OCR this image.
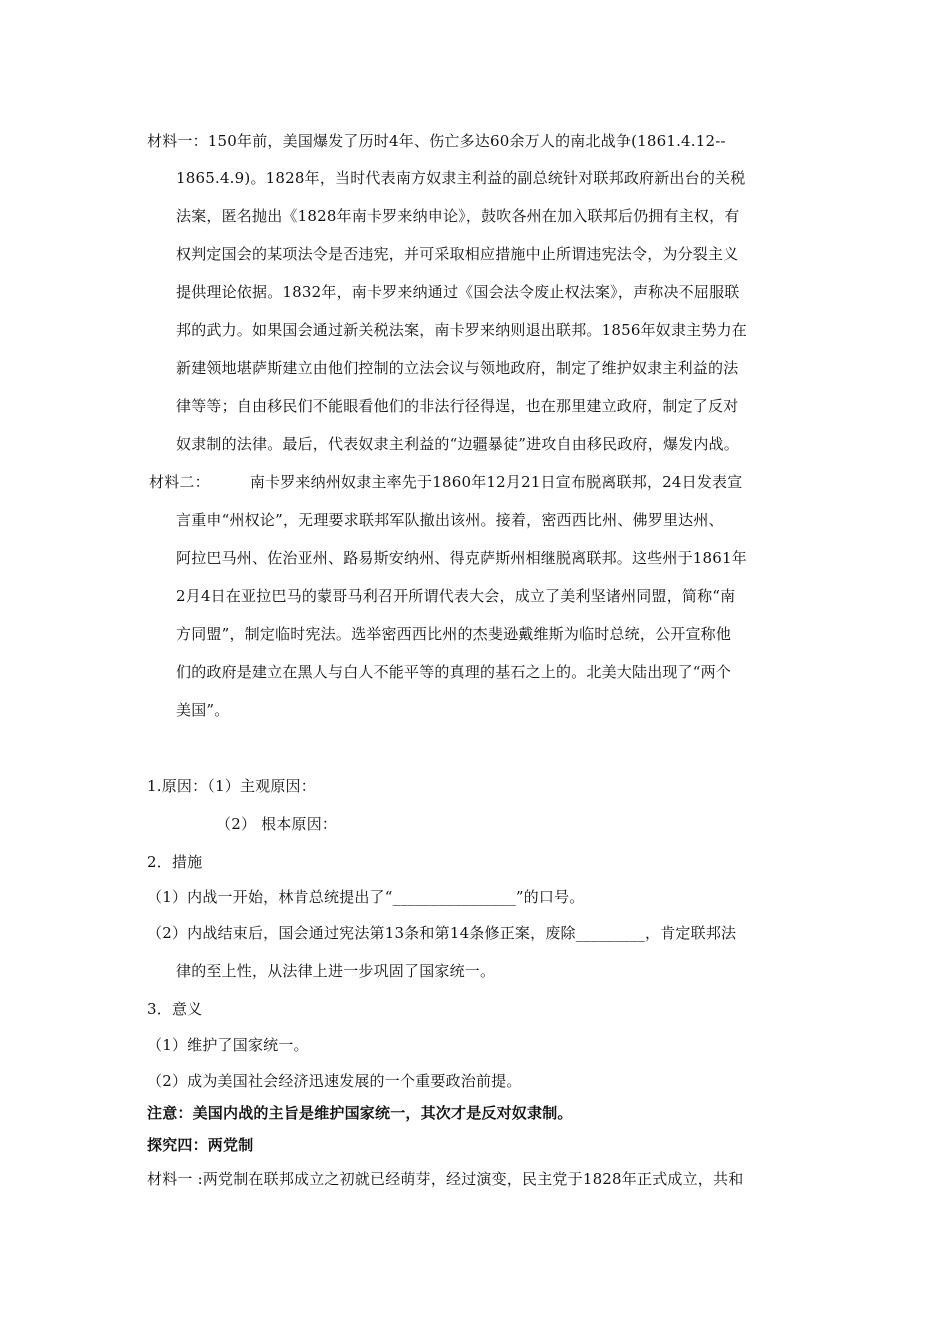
材料一：150年前，美国爆发了历时4年、伤亡多达60余万人的南北战争(1861.4.12--
1865.4.9)。1828年，当时代表南方奴隶主利益的副总统针对联邦政府新出台的关税
法案，匿名抛出《1828年南卡罗来纳申论》，鼓吹各州在加入联邦后仍拥有主权，有
权判定国会的某项法令是否违宪，并可采取相应措施中止所谓违宪法令，为分裂主义
提供理论依据。1832年，南卡罗来纳通过《国会法令废止权法案》，声称决不屈服联
邦的武力。如果国会通过新关税法案，南卡罗来纳则退出联邦。1856年奴隶主势力在
新建领地堪萨斯建立由他们控制的立法会议与领地政府，制定了维护奴隶主利益的法
律等等；自由移民们不能眼看他们的非法行径得逞，也在那里建立政府，制定了反对
奴隶制的法律。最后，代表奴隶主利益的“边疆暴徒”进攻自由移民政府，爆发内战。
材料二：	南卡罗来纳州奴隶主率先于1860年12月21日宣布脱离联邦，24日发表宣
言重申“州权论”，无理要求联邦军队撤出该州。接着，密西西比州、佛罗里达州、
阿拉巴马州、佐治亚州、路易斯安纳州、得克萨斯州相继脱离联邦。这些州于1861年
2月4日在亚拉巴马的蒙哥马利召开所谓代表大会，成立了美利坚诸州同盟，简称“南
方同盟”，制定临时宪法。选举密西西比州的杰斐逊戴维斯为临时总统，公开宣称他
们的政府是建立在黑人与白人不能平等的真理的基石之上的。北美大陆出现了“两个
美国”。
1.原因：（1）主观原因：
（2） 根本原因：
2．措施
（1）内战一开始，林肯总统提出了“________________”的口号。
（2）内战结束后，国会通过宪法第13条和第14条修正案，废除_________，肯定联邦法
律的至上性，从法律上进一步巩固了国家统一。
3．意义
（1）维护了国家统一。
（2）成为美国社会经济迅速发展的一个重要政治前提。
注意：美国内战的主旨是维护国家统一，其次才是反对奴隶制。
探究四：两党制
材料一 :两党制在联邦成立之初就已经萌芽，经过演变，民主党于1828年正式成立，共和
